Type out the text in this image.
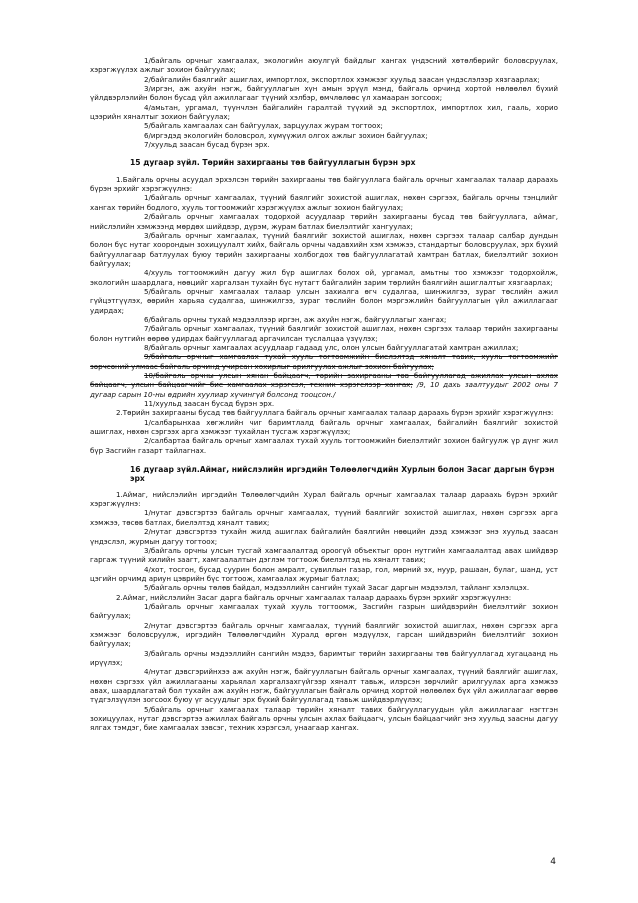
1/байгаль орчныг хамгаалах, экологийн аюулгүй байдлыг хангах үндэсний хөтөлбөрийг боловсруулах, хэрэгжүүлэх ажлыг зохион байгуулах;

2/байгалийн баялгийг ашиглах, импортлох, экспортлох хэмжээг хуульд заасан үндэслэлээр хязгаарлах;

3/иргэн, аж ахуйн нэгж, байгууллагын хүн амын эрүүл мэнд, байгаль орчинд хортой нөлөөлөл бүхий үйлдвэрлэлийн болон бусад үйл ажиллагааг түүний хэлбэр, өмчлөлөөс үл хамааран зогсоох;

4/амьтан, ургамал, түүнчлэн байгалийн гаралтай түүхий эд экспортлох, импортлох хил, гааль, хорио цээрийн хяналтыг зохион байгуулах;

5/байгаль хамгаалах сан байгуулах, зарцуулах журам тогтоох;

6/иргэдэд экологийн боловсрол, хүмүүжил олгох ажлыг зохион байгуулах;

7/хуульд заасан бусад бүрэн эрх.

15 дугаар зүйл. Төрийн захиргааны төв байгууллагын бүрэн эрх

1.Байгаль орчны асуудал эрхэлсэн төрийн захиргааны төв байгууллага байгаль орчныг хамгаалах талаар дараахь бүрэн эрхийг хэрэгжүүлнэ:

1/байгаль орчныг хамгаалах, түүний баялгийг зохистой ашиглах, нөхөн сэргээх, байгаль орчны тэнцлийг хангах төрийн бодлого, хууль тогтоомжийг хэрэгжүүлэх ажлыг зохион байгуулах;

2/байгаль орчныг хамгаалах тодорхой асуудлаар төрийн захиргааны бусад төв байгууллага, аймаг, нийслэлийн хэмжээнд мөрдөх шийдвэр, дүрэм, журам батлах биелэлтийг хангуулах;

3/байгаль орчныг хамгаалах, түүний баялгийг зохистой ашиглах, нөхөн сэргээх талаар салбар дундын болон бүс нутаг хоорондын зохицуулалт хийх, байгаль орчны чадавхийн хэм хэмжээ, стандартыг боловсруулах, эрх бүхий байгууллагаар батлуулах буюу төрийн захиргааны холбогдох төв байгууллагатай хамтран батлах, биелэлтийг зохион байгуулах;

4/хууль тогтоомжийн дагуу жил бүр ашиглах болох ой, ургамал, амьтны тоо хэмжээг тодорхойлж, экологийн шаардлага, нөөцийг харгалзан тухайн бүс нутагт байгалийн зарим төрлийн баялгийн ашиглалтыг хязгаарлах;

5/байгаль орчныг хамгаалах талаар улсын захиалга өгч судалгаа, шинжилгээ, зураг төслийн ажил гүйцэтгүүлэх, өөрийн харьяа судалгаа, шинжилгээ, зураг төслийн болон мэргэжлийн байгууллагын үйл ажиллагааг удирдах;

6/байгаль орчны тухай мэдээллээр иргэн, аж ахуйн нэгж, байгууллагыг хангах;

7/байгаль орчныг хамгаалах, түүний баялгийг зохистой ашиглах, нөхөн сэргээх талаар төрийн захиргааны болон нутгийн өөрөө удирдах байгууллагад аргачилсан туслалцаа үзүүлэх;

8/байгаль орчныг хамгаалах асуудлаар гадаад улс, олон улсын байгууллагатай хамтран ажиллах;

9/байгаль орчныг хамгаалах тухай хууль тогтоомжийн биелэлтэд хяналт тавих, хууль тогтоомжийг зөрчсөний улмаас байгаль орчинд учирсан хохирлыг арилгуулах ажлыг зохион байгуулах;

10/байгаль орчны улсын хянан байцаагч, төрийн захиргааны төв байгууллагад ажиллах улсын ахлах байцаагч, улсын байцаагчийг бие хамгаалах хэрэгсэл, техник хэрэгслээр хангах; /9, 10 дахь заалтуудыг 2002 оны 7 дугаар сарын 10-ны өдрийн хуулиар хүчингүй болсонд тооцсон./

11/хуульд заасан бусад бүрэн эрх.

2.Төрийн захиргааны бусад төв байгууллага байгаль орчныг хамгаалах талаар дараахь бүрэн эрхийг хэрэгжүүлнэ:

1/салбарынхаа хөгжлийн чиг баримтлалд байгаль орчныг хамгаалах, байгалийн баялгийг зохистой ашиглах, нөхөн сэргээх арга хэмжээг тухайлан тусгаж хэрэгжүүлэх;

2/салбартаа байгаль орчныг хамгаалах тухай хууль тогтоомжийн биелэлтийг зохион байгуулж үр дүнг жил бүр Засгийн газарт тайлагнах.

16 дугаар зүйл.Аймаг, нийслэлийн иргэдийн Төлөөлөгчдийн Хурлын болон Засаг даргын бүрэн эрх

1.Аймаг, нийслэлийн иргэдийн Төлөөлөгчдийн Хурал байгаль орчныг хамгаалах талаар дараахь бүрэн эрхийг хэрэгжүүлнэ:

1/нутаг дэвсгэртээ байгаль орчныг хамгаалах, түүний баялгийг зохистой ашиглах, нөхөн сэргээх арга хэмжээ, төсөв батлах, биелэлтэд хяналт тавих;

2/нутаг дэвсгэртээ тухайн жилд ашиглах байгалийн баялгийн нөөцийн дээд хэмжээг энэ хуульд заасан үндэслэл, журмын дагуу тогтоох;

3/байгаль орчны улсын тусгай хамгаалалтад ороогүй объектыг орон нутгийн хамгаалалтад авах шийдвэр гаргаж түүний хилийн заагт, хамгаалалтын дэглэм тогтоож биелэлтэд нь хяналт тавих;

4/хот, тосгон, бусад суурин болон амралт, сувиллын газар, гол, мөрний эх, нуур, рашаан, булаг, шанд, уст цэгийн орчимд ариун цэврийн бүс тогтоож, хамгаалах журмыг батлах;

5/байгаль орчны төлөв байдал, мэдээллийн сангийн тухай Засаг даргын мэдээлэл, тайланг хэлэлцэх.

2.Аймаг, нийслэлийн Засаг дарга байгаль орчныг хамгаалах талаар дараахь бүрэн эрхийг хэрэгжүүлнэ:

1/байгаль орчныг хамгаалах тухай хууль тогтоомж, Засгийн газрын шийдвэрийн биелэлтийг зохион байгуулах;

2/нутаг дэвсгэртээ байгаль орчныг хамгаалах, түүний баялгийг зохистой ашиглах, нөхөн сэргээх арга хэмжээг боловсруулж, иргэдийн Төлөөлөгчдийн Хуралд өргөн мэдүүлэх, гарсан шийдвэрийн биелэлтийг зохион байгуулах;

3/байгаль орчны мэдээллийн сангийн мэдээ, баримтыг төрийн захиргааны төв байгууллагад хугацаанд нь ирүүлэх;

4/нутаг дэвсгэрийнхээ аж ахуйн нэгж, байгууллагын байгаль орчныг хамгаалах, түүний баялгийг ашиглах, нөхөн сэргээх үйл ажиллагааны харьялал харгалзахгүйгээр хяналт тавьж, илэрсэн зөрчлийг арилгуулах арга хэмжээ авах, шаардлагатай бол тухайн аж ахуйн нэгж, байгууллагын байгаль орчинд хортой нөлөөлөх бүх үйл ажиллагааг өөрөө түдгэлзүүлэн зогсоох буюу үг асуудлыг эрх бүхий байгууллагад тавьж шийдвэрлүүлэх;

5/байгаль орчныг хамгаалах талаар төрийн хяналт тавих байгууллагуудын үйл ажиллагааг нэгтгэн зохицуулах, нутаг дэвсгэртээ ажиллах байгаль орчны улсын ахлах байцаагч, улсын байцаагчийг энэ хуульд заасны дагуу ялгах тэмдэг, бие хамгаалах зэвсэг, техник хэрэгсэл, унаагаар хангах.

4
